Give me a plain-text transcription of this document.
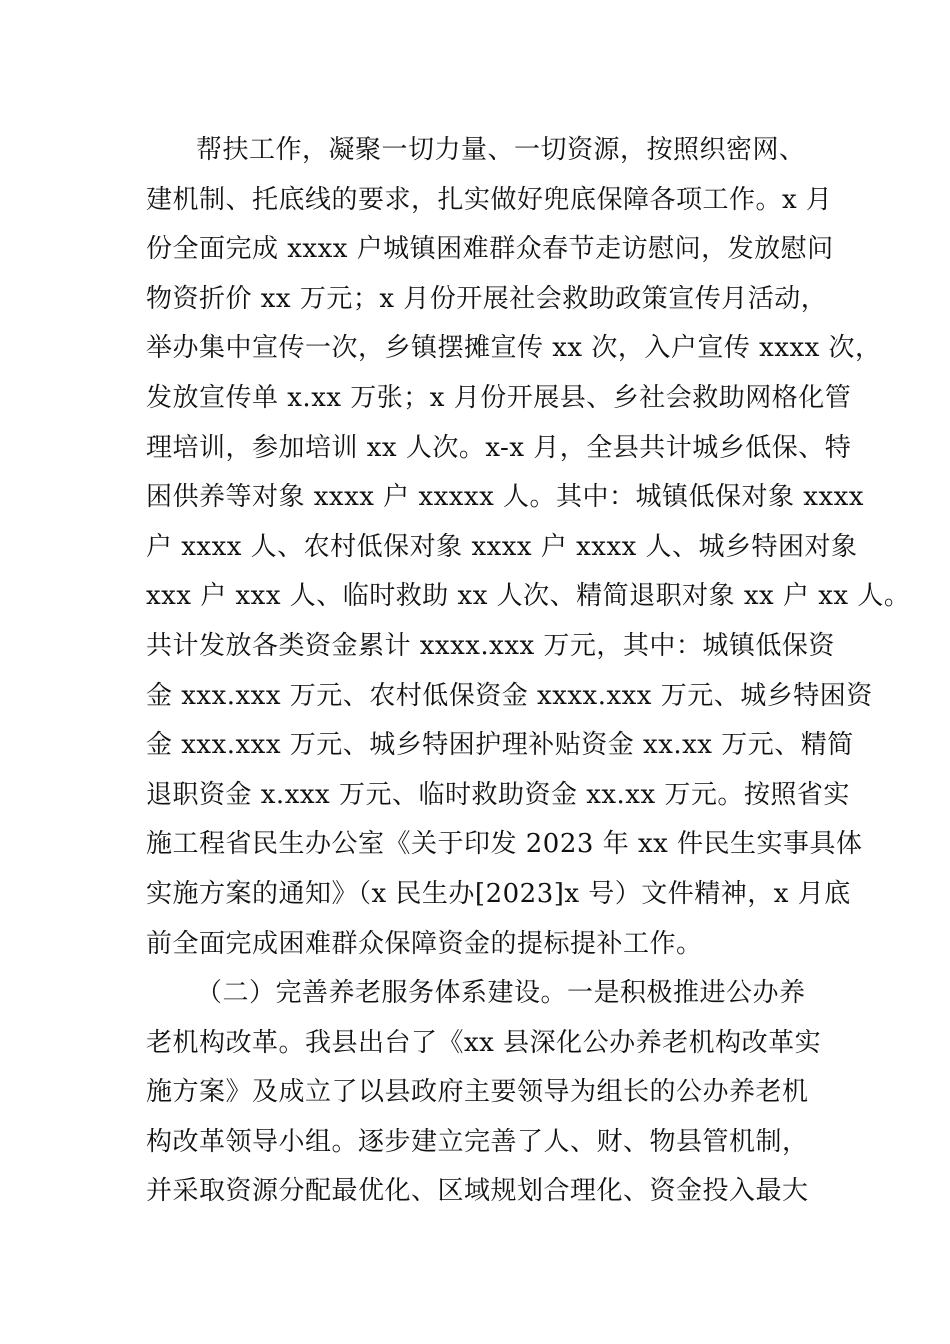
帮扶工作，凝聚一切力量、一切资源，按照织密网、
建机制、托底线的要求，扎实做好兜底保障各项工作。x 月
份全面完成 xxxx 户城镇困难群众春节走访慰问，发放慰问
物资折价 xx 万元；x 月份开展社会救助政策宣传月活动，
举办集中宣传一次，乡镇摆摊宣传 xx 次，入户宣传 xxxx 次，
发放宣传单 x.xx 万张；x 月份开展县、乡社会救助网格化管
理培训，参加培训 xx 人次。x-x 月，全县共计城乡低保、特
困供养等对象 xxxx 户 xxxxx 人。其中：城镇低保对象 xxxx
户 xxxx 人、农村低保对象 xxxx 户 xxxx 人、城乡特困对象
xxx 户 xxx 人、临时救助 xx 人次、精简退职对象 xx 户 xx 人。
共计发放各类资金累计 xxxx.xxx 万元，其中：城镇低保资
金 xxx.xxx 万元、农村低保资金 xxxx.xxx 万元、城乡特困资
金 xxx.xxx 万元、城乡特困护理补贴资金 xx.xx 万元、精简
退职资金 x.xxx 万元、临时救助资金 xx.xx 万元。按照省实
施工程省民生办公室《关于印发 2023 年 xx 件民生实事具体
实施方案的通知》（x 民生办[2023]x 号）文件精神，x 月底
前全面完成困难群众保障资金的提标提补工作。
（二）完善养老服务体系建设。一是积极推进公办养
老机构改革。我县出台了《xx 县深化公办养老机构改革实
施方案》及成立了以县政府主要领导为组长的公办养老机
构改革领导小组。逐步建立完善了人、财、物县管机制，
并采取资源分配最优化、区域规划合理化、资金投入最大
